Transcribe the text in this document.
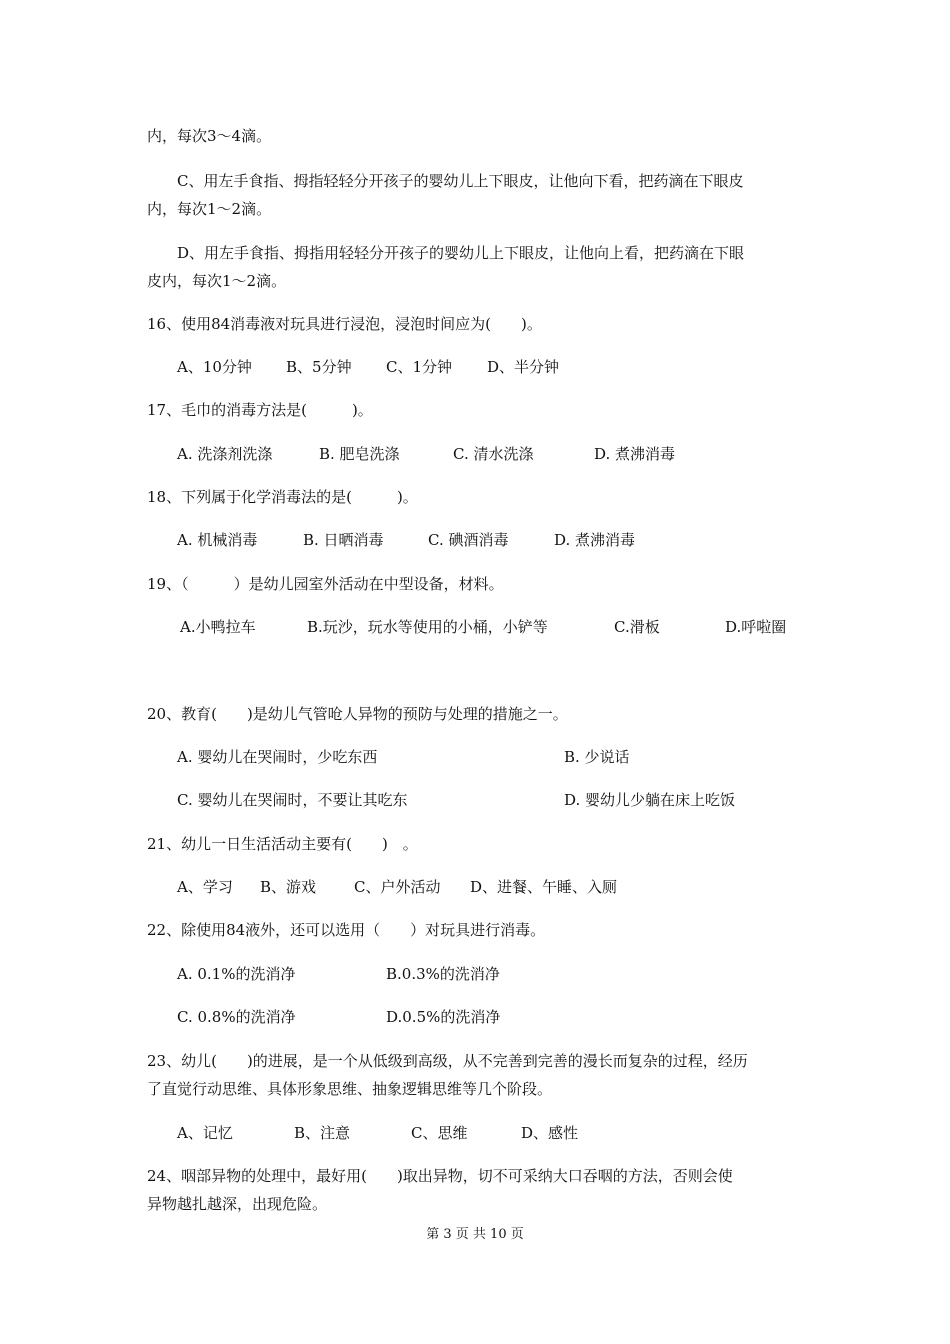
内，每次3～4滴。
C、用左手食指、拇指轻轻分开孩子的婴幼儿上下眼皮，让他向下看，把药滴在下眼皮
内，每次1～2滴。
D、用左手食指、拇指用轻轻分开孩子的婴幼儿上下眼皮，让他向上看，把药滴在下眼
皮内，每次1～2滴。
16、使用84消毒液对玩具进行浸泡，浸泡时间应为(　　)。
A、10分钟 B、5分钟 C、1分钟 D、半分钟
17、毛巾的消毒方法是(　　　)。
A. 洗涤剂洗涤	B. 肥皂洗涤	C. 清水洗涤	D. 煮沸消毒
18、下列属于化学消毒法的是(　　　)。
A. 机械消毒	B. 日晒消毒	C. 碘酒消毒	D. 煮沸消毒
19、（　　　）是幼儿园室外活动在中型设备，材料。
A.小鸭拉车	B.玩沙，玩水等使用的小桶，小铲等	C.滑板	D.呼啦圈
20、教育(　　)是幼儿气管呛人异物的预防与处理的措施之一。
A. 婴幼儿在哭闹时，少吃东西	B. 少说话
C. 婴幼儿在哭闹时，不要让其吃东	D. 婴幼儿少躺在床上吃饭
21、幼儿一日生活活动主要有(　　)　。
A、学习 B、游戏	C、户外活动 D、进餐、午睡、入厕
22、除使用84液外，还可以选用（　　）对玩具进行消毒。
A. 0.1%的洗消净	B.0.3%的洗消净
C. 0.8%的洗消净	D.0.5%的洗消净
23、幼儿(　　)的进展，是一个从低级到高级，从不完善到完善的漫长而复杂的过程，经历
了直觉行动思维、具体形象思维、抽象逻辑思维等几个阶段。
A、记忆	B、注意	C、思维	D、感性
24、咽部异物的处理中，最好用(　　)取出异物，切不可采纳大口吞咽的方法，否则会使
异物越扎越深，出现危险。
第 3 页 共 10 页
